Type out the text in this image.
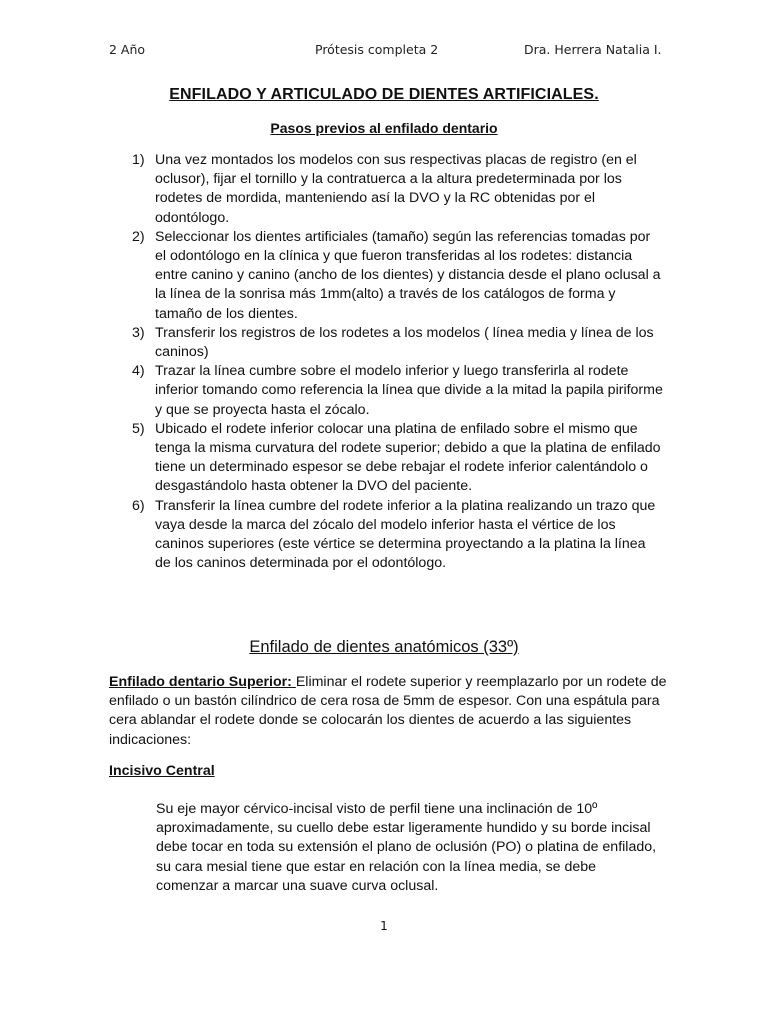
2 Año	Prótesis completa 2	Dra. Herrera Natalia I.
ENFILADO Y ARTICULADO DE DIENTES ARTIFICIALES.
Pasos previos al enfilado dentario
1) Una vez montados los modelos con sus respectivas placas de registro (en el oclusor), fijar el tornillo y la contratuerca a la altura predeterminada por los rodetes de mordida, manteniendo así la DVO y la RC obtenidas por el odontólogo.
2) Seleccionar los dientes artificiales (tamaño) según las referencias tomadas por el odontólogo en la clínica y que fueron transferidas al los rodetes: distancia entre canino y canino (ancho de los dientes) y distancia desde el plano oclusal a la línea de la sonrisa más 1mm(alto) a través de los catálogos de forma y tamaño de los dientes.
3) Transferir los registros de los rodetes a los modelos ( línea media y línea de los caninos)
4) Trazar la línea cumbre sobre el modelo inferior y luego transferirla al rodete inferior tomando como referencia la línea que divide a la mitad la papila piriforme y que se proyecta hasta el zócalo.
5) Ubicado el rodete inferior colocar una platina de enfilado sobre el mismo que tenga la misma curvatura del rodete superior; debido a que la platina de enfilado tiene un determinado espesor se debe rebajar el rodete inferior calentándolo o desgastándolo hasta obtener la DVO del paciente.
6) Transferir la línea cumbre del rodete inferior a la platina realizando un trazo que vaya desde la marca del zócalo del modelo inferior hasta el vértice de los caninos superiores (este vértice se determina proyectando a la platina la línea de los caninos determinada por el odontólogo.
Enfilado de dientes anatómicos (33º)

Enfilado dentario Superior: Eliminar el rodete superior y reemplazarlo por un rodete de enfilado o un bastón cilíndrico de cera rosa de 5mm de espesor. Con una espátula para cera ablandar el rodete donde se colocarán los dientes de acuerdo a las siguientes indicaciones:

Incisivo Central

Su eje mayor cérvico-incisal visto de perfil tiene una inclinación de 10º aproximadamente, su cuello debe estar ligeramente hundido y su borde incisal debe tocar en toda su extensión el plano de oclusión (PO) o platina de enfilado, su cara mesial tiene que estar en relación con la línea media, se debe comenzar a marcar una suave curva oclusal.

1
